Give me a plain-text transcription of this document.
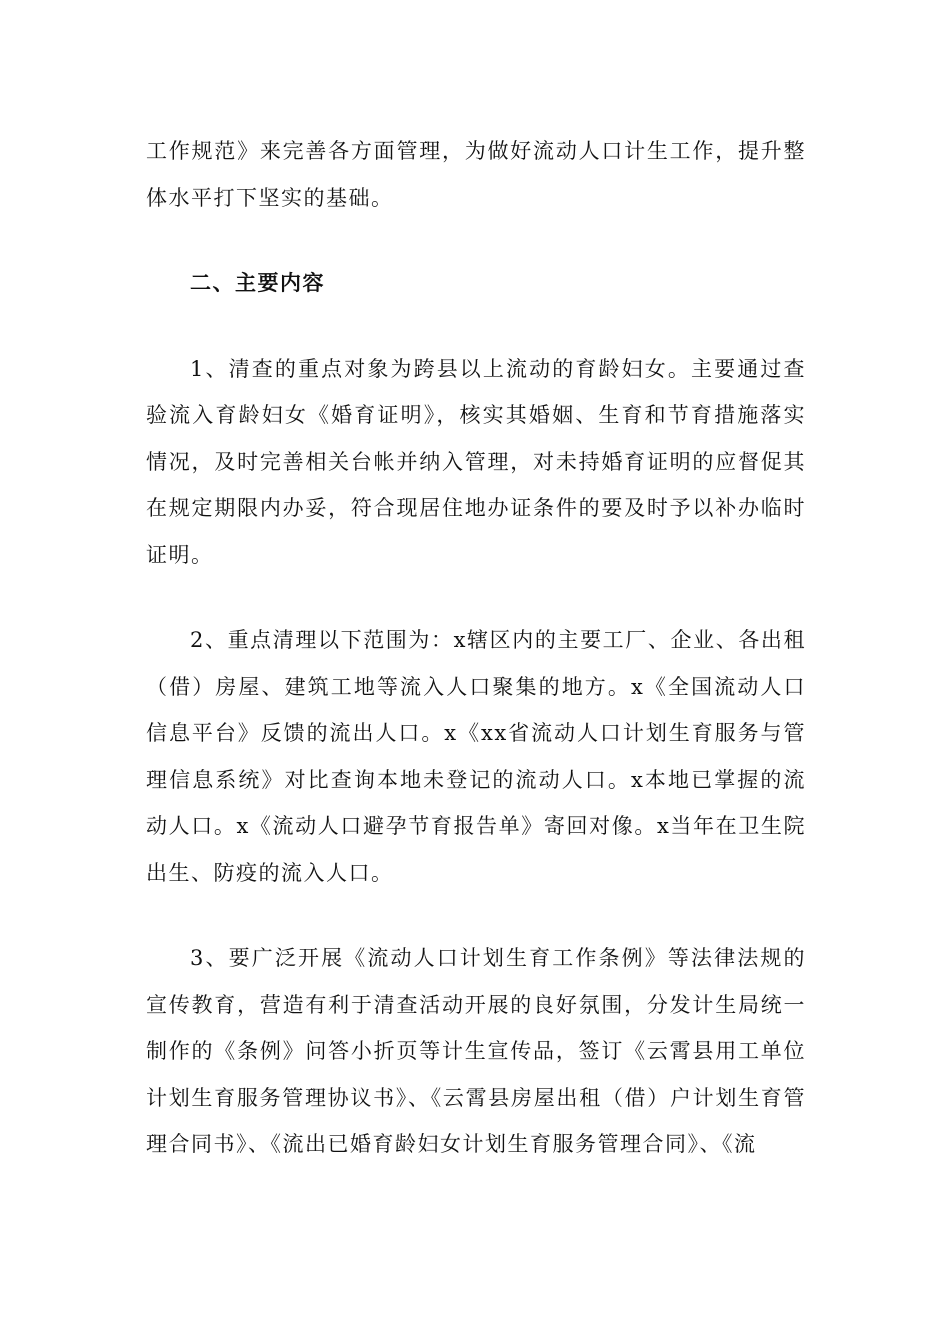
工作规范》来完善各方面管理，为做好流动人口计生工作，提升整体水平打下坚实的基础。

二、主要内容

1、清查的重点对象为跨县以上流动的育龄妇女。主要通过查验流入育龄妇女《婚育证明》，核实其婚姻、生育和节育措施落实情况，及时完善相关台帐并纳入管理，对未持婚育证明的应督促其在规定期限内办妥，符合现居住地办证条件的要及时予以补办临时证明。

2、重点清理以下范围为：x辖区内的主要工厂、企业、各出租（借）房屋、建筑工地等流入人口聚集的地方。x《全国流动人口信息平台》反馈的流出人口。x《xx省流动人口计划生育服务与管理信息系统》对比查询本地未登记的流动人口。x本地已掌握的流动人口。x《流动人口避孕节育报告单》寄回对像。x当年在卫生院出生、防疫的流入人口。

3、要广泛开展《流动人口计划生育工作条例》等法律法规的宣传教育，营造有利于清查活动开展的良好氛围，分发计生局统一制作的《条例》问答小折页等计生宣传品，签订《云霄县用工单位计划生育服务管理协议书》、《云霄县房屋出租（借）户计划生育管理合同书》、《流出已婚育龄妇女计划生育服务管理合同》、《流
